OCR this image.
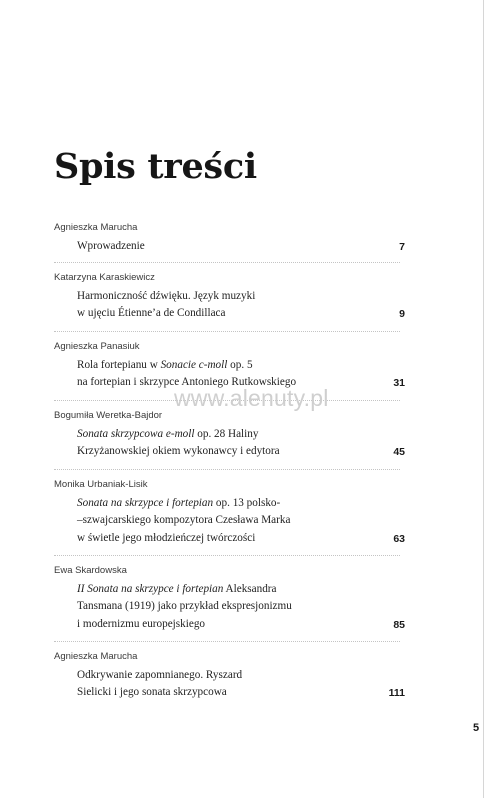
Spis treści
Agnieszka Marucha
Wprowadzenie	7
Katarzyna Karaskiewicz
Harmoniczność dźwięku. Język muzyki
w ujęciu Étienne’a de Condillaca	9
Agnieszka Panasiuk
Rola fortepianu w Sonacie c-moll op. 5
na fortepian i skrzypce Antoniego Rutkowskiego	31
Bogumiła Weretka-Bajdor
Sonata skrzypcowa e-moll op. 28 Haliny
Krzyżanowskiej okiem wykonawcy i edytora	45
Monika Urbaniak-Lisik
Sonata na skrzypce i fortepian op. 13 polsko-
–szwajcarskiego kompozytora Czesława Marka
w świetle jego młodzieńczej twórczości	63
Ewa Skardowska
II Sonata na skrzypce i fortepian Aleksandra
Tansmana (1919) jako przykład ekspresjonizmu
i modernizmu europejskiego	85
Agnieszka Marucha
Odkrywanie zapomnianego. Ryszard
Sielicki i jego sonata skrzypcowa	111
www.alenuty.pl
5
